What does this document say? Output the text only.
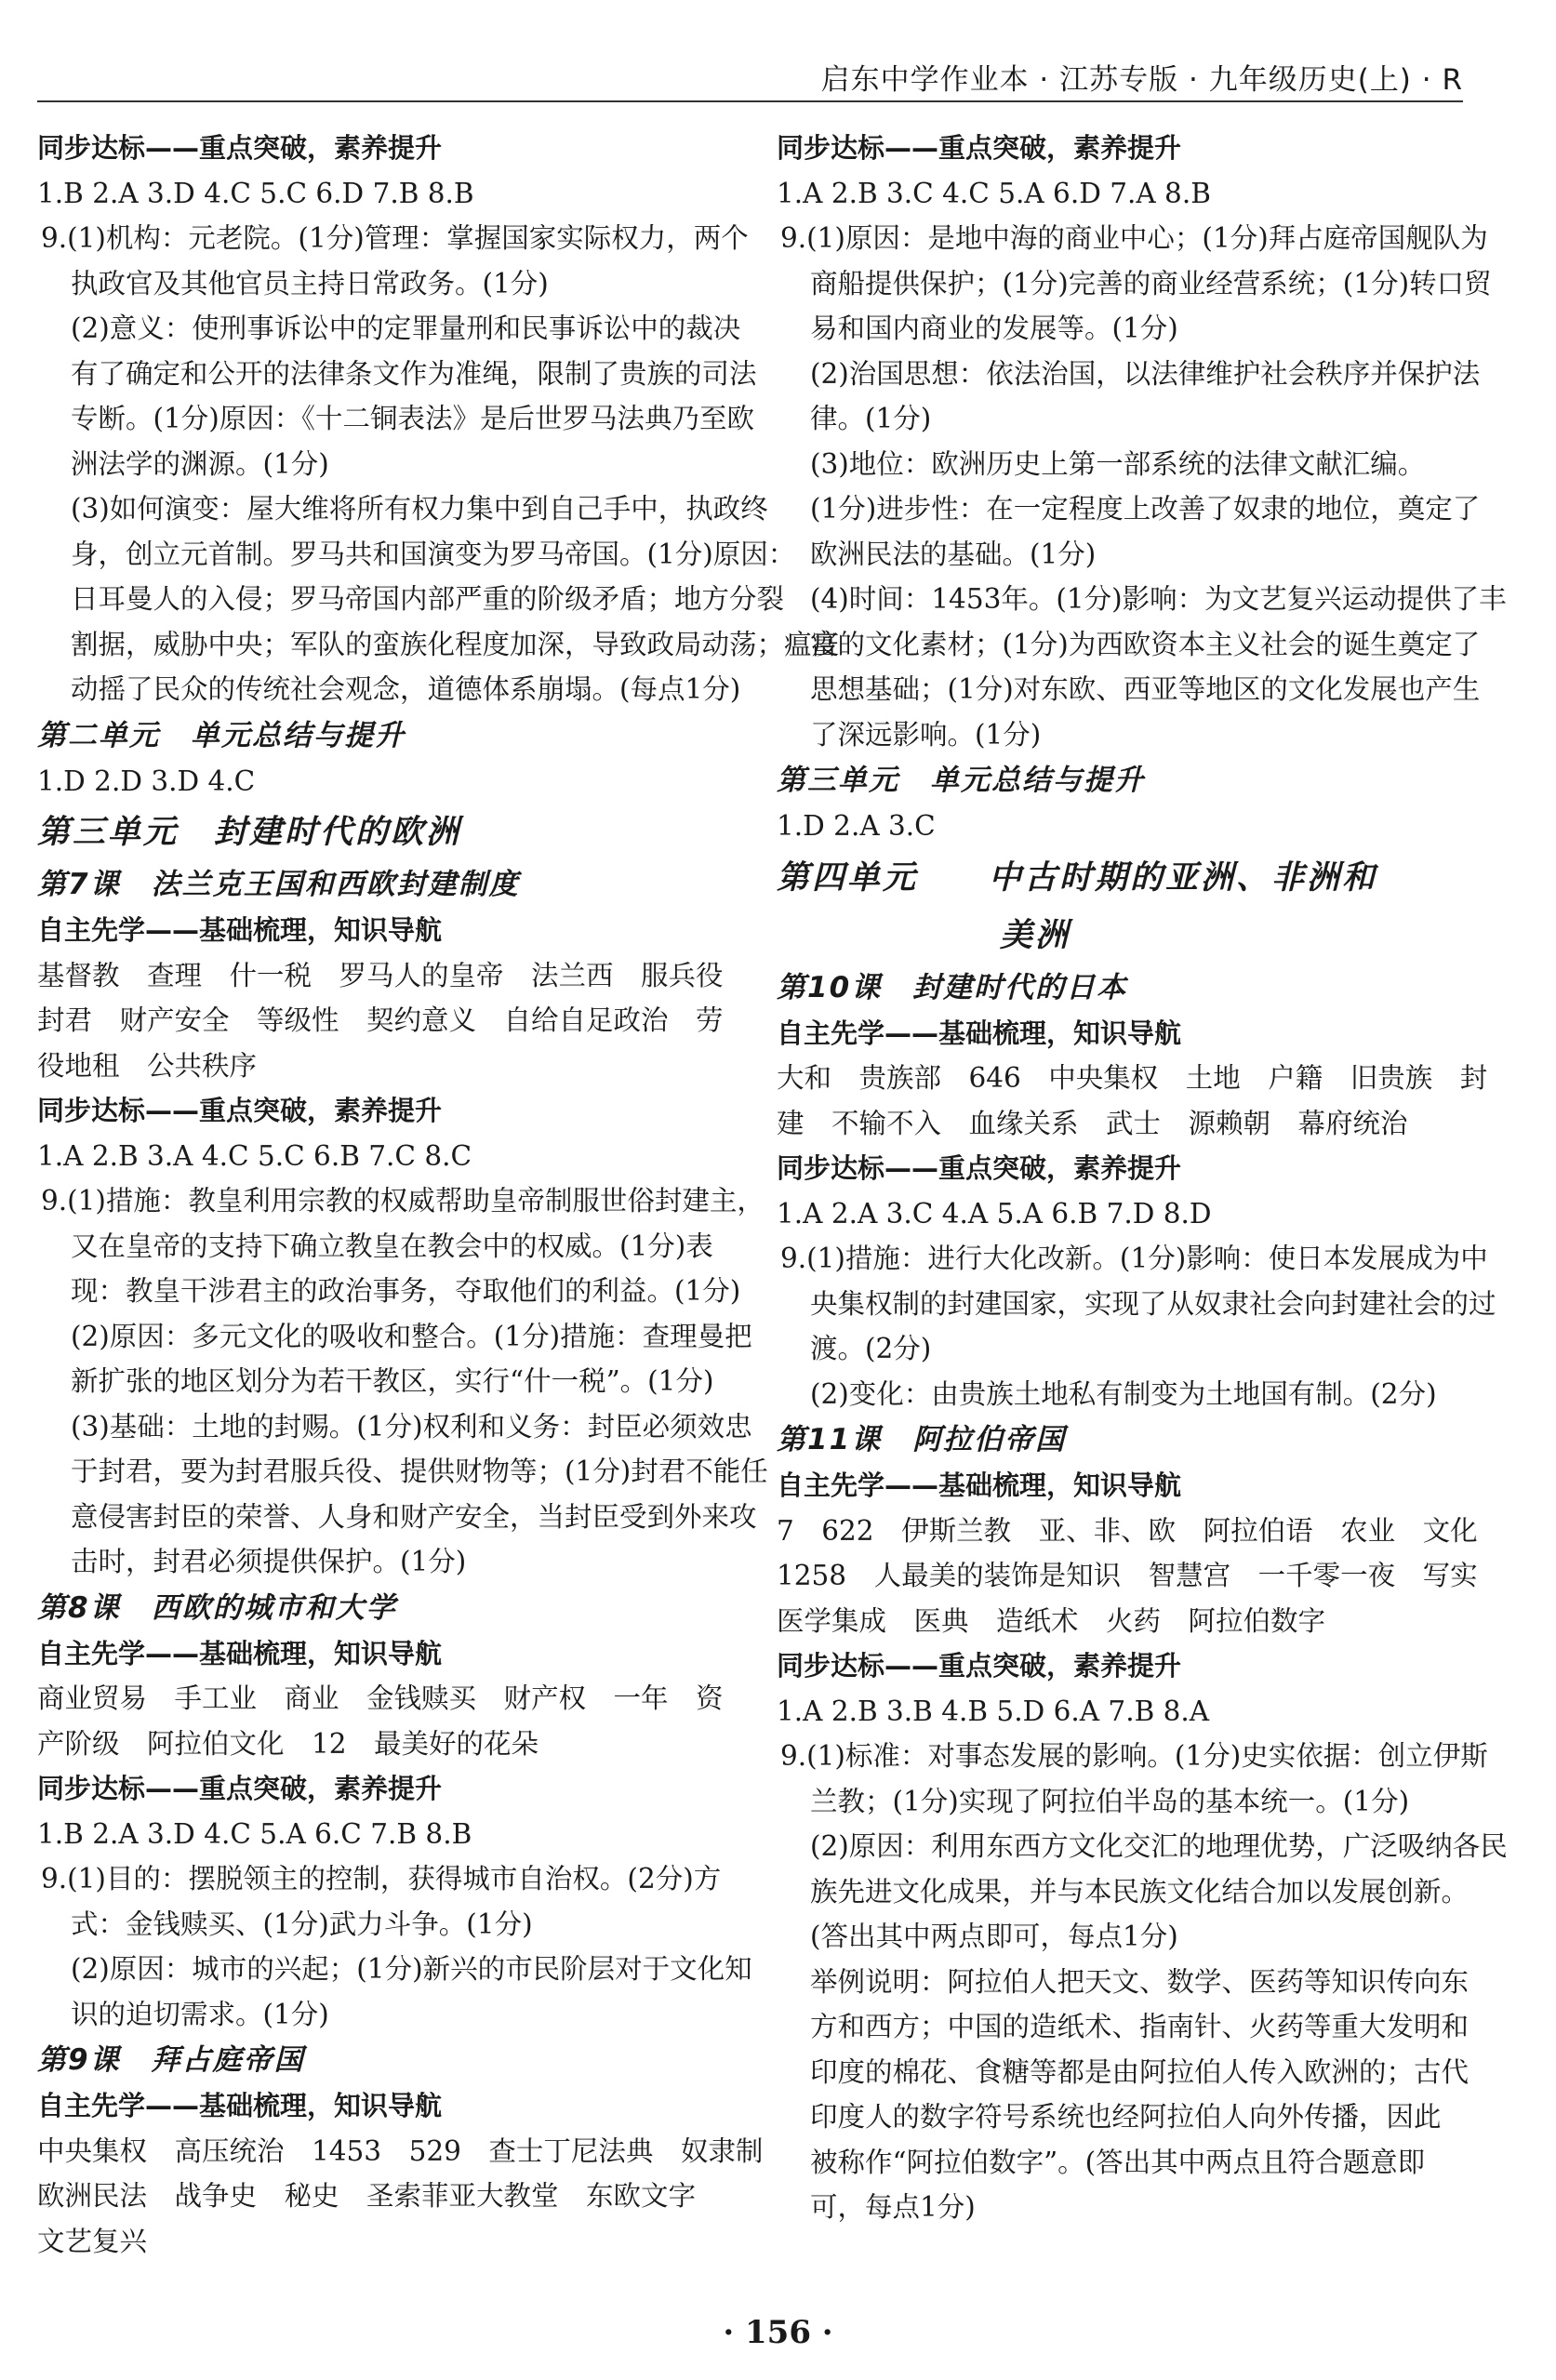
启东中学作业本 · 江苏专版 · 九年级历史(上) · R
同步达标——重点突破，素养提升
1.B 2.A 3.D 4.C 5.C 6.D 7.B 8.B
9.(1)机构：元老院。(1分)管理：掌握国家实际权力，两个
执政官及其他官员主持日常政务。(1分)
(2)意义：使刑事诉讼中的定罪量刑和民事诉讼中的裁决
有了确定和公开的法律条文作为准绳，限制了贵族的司法
专断。(1分)原因：《十二铜表法》是后世罗马法典乃至欧
洲法学的渊源。(1分)
(3)如何演变：屋大维将所有权力集中到自己手中，执政终
身，创立元首制。罗马共和国演变为罗马帝国。(1分)原因：
日耳曼人的入侵；罗马帝国内部严重的阶级矛盾；地方分裂
割据，威胁中央；军队的蛮族化程度加深，导致政局动荡；瘟疫
动摇了民众的传统社会观念，道德体系崩塌。(每点1分)
第二单元　单元总结与提升
1.D 2.D 3.D 4.C
第三单元　封建时代的欧洲
第7课　法兰克王国和西欧封建制度
自主先学——基础梳理，知识导航
基督教　查理　什一税　罗马人的皇帝　法兰西　服兵役
封君　财产安全　等级性　契约意义　自给自足政治　劳
役地租　公共秩序
同步达标——重点突破，素养提升
1.A 2.B 3.A 4.C 5.C 6.B 7.C 8.C
9.(1)措施：教皇利用宗教的权威帮助皇帝制服世俗封建主，
又在皇帝的支持下确立教皇在教会中的权威。(1分)表
现：教皇干涉君主的政治事务，夺取他们的利益。(1分)
(2)原因：多元文化的吸收和整合。(1分)措施：查理曼把
新扩张的地区划分为若干教区，实行“什一税”。(1分)
(3)基础：土地的封赐。(1分)权利和义务：封臣必须效忠
于封君，要为封君服兵役、提供财物等；(1分)封君不能任
意侵害封臣的荣誉、人身和财产安全，当封臣受到外来攻
击时，封君必须提供保护。(1分)
第8课　西欧的城市和大学
自主先学——基础梳理，知识导航
商业贸易　手工业　商业　金钱赎买　财产权　一年　资
产阶级　阿拉伯文化　12　最美好的花朵
同步达标——重点突破，素养提升
1.B 2.A 3.D 4.C 5.A 6.C 7.B 8.B
9.(1)目的：摆脱领主的控制，获得城市自治权。(2分)方
式：金钱赎买、(1分)武力斗争。(1分)
(2)原因：城市的兴起；(1分)新兴的市民阶层对于文化知
识的迫切需求。(1分)
第9课　拜占庭帝国
自主先学——基础梳理，知识导航
中央集权　高压统治　1453　529　查士丁尼法典　奴隶制
欧洲民法　战争史　秘史　圣索菲亚大教堂　东欧文字
文艺复兴
同步达标——重点突破，素养提升
1.A 2.B 3.C 4.C 5.A 6.D 7.A 8.B
9.(1)原因：是地中海的商业中心；(1分)拜占庭帝国舰队为
商船提供保护；(1分)完善的商业经营系统；(1分)转口贸
易和国内商业的发展等。(1分)
(2)治国思想：依法治国，以法律维护社会秩序并保护法
律。(1分)
(3)地位：欧洲历史上第一部系统的法律文献汇编。
(1分)进步性：在一定程度上改善了奴隶的地位，奠定了
欧洲民法的基础。(1分)
(4)时间：1453年。(1分)影响：为文艺复兴运动提供了丰
富的文化素材；(1分)为西欧资本主义社会的诞生奠定了
思想基础；(1分)对东欧、西亚等地区的文化发展也产生
了深远影响。(1分)
第三单元　单元总结与提升
1.D 2.A 3.C
第四单元　　中古时期的亚洲、非洲和
美洲
第10课　封建时代的日本
自主先学——基础梳理，知识导航
大和　贵族部　646　中央集权　土地　户籍　旧贵族　封
建　不输不入　血缘关系　武士　源赖朝　幕府统治
同步达标——重点突破，素养提升
1.A 2.A 3.C 4.A 5.A 6.B 7.D 8.D
9.(1)措施：进行大化改新。(1分)影响：使日本发展成为中
央集权制的封建国家，实现了从奴隶社会向封建社会的过
渡。(2分)
(2)变化：由贵族土地私有制变为土地国有制。(2分)
第11课　阿拉伯帝国
自主先学——基础梳理，知识导航
7　622　伊斯兰教　亚、非、欧　阿拉伯语　农业　文化
1258　人最美的装饰是知识　智慧宫　一千零一夜　写实
医学集成　医典　造纸术　火药　阿拉伯数字
同步达标——重点突破，素养提升
1.A 2.B 3.B 4.B 5.D 6.A 7.B 8.A
9.(1)标准：对事态发展的影响。(1分)史实依据：创立伊斯
兰教；(1分)实现了阿拉伯半岛的基本统一。(1分)
(2)原因：利用东西方文化交汇的地理优势，广泛吸纳各民
族先进文化成果，并与本民族文化结合加以发展创新。
(答出其中两点即可，每点1分)
举例说明：阿拉伯人把天文、数学、医药等知识传向东
方和西方；中国的造纸术、指南针、火药等重大发明和
印度的棉花、食糖等都是由阿拉伯人传入欧洲的；古代
印度人的数字符号系统也经阿拉伯人向外传播，因此
被称作“阿拉伯数字”。(答出其中两点且符合题意即
可，每点1分)
· 156 ·
